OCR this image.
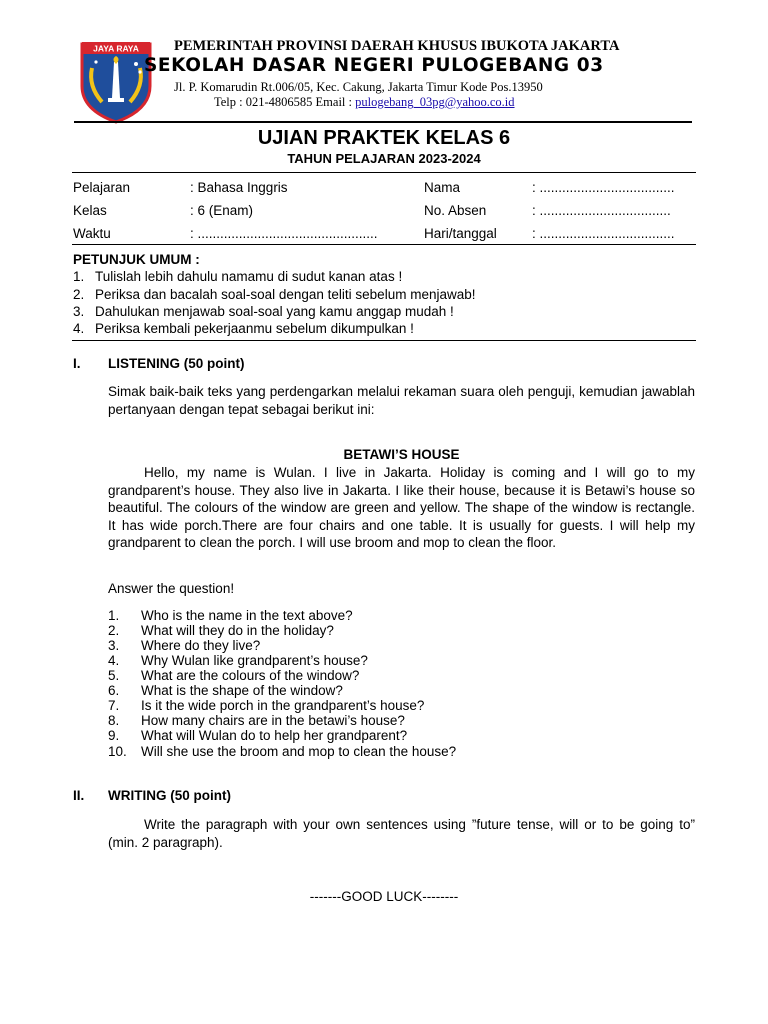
JAYA RAYA PEMERINTAH PROVINSI DAERAH KHUSUS IBUKOTA JAKARTA
SEKOLAH DASAR NEGERI PULOGEBANG 03
Jl. P. Komarudin Rt.006/05, Kec. Cakung, Jakarta Timur Kode Pos.13950
Telp : 021-4806585 Email : pulogebang_03pg@yahoo.co.id
UJIAN PRAKTEK KELAS 6
TAHUN PELAJARAN 2023-2024
Pelajaran	: Bahasa Inggris	Nama	: ....................................
Kelas	: 6 (Enam)	No. Absen	: ...................................
Waktu	: ................................................	Hari/tanggal	: ....................................
PETUNJUK UMUM :
1. Tulislah lebih dahulu namamu di sudut kanan atas !
2. Periksa dan bacalah soal-soal dengan teliti sebelum menjawab!
3. Dahulukan menjawab soal-soal yang kamu anggap mudah !
4. Periksa kembali pekerjaanmu sebelum dikumpulkan !
I. LISTENING (50 point)
Simak baik-baik teks yang perdengarkan melalui rekaman suara oleh penguji, kemudian jawablah pertanyaan dengan tepat sebagai berikut ini:
BETAWI’S HOUSE
Hello, my name is Wulan. I live in Jakarta. Holiday is coming and I will go to my grandparent’s house. They also live in Jakarta. I like their house, because it is Betawi’s house so beautiful. The colours of the window are green and yellow. The shape of the window is rectangle. It has wide porch.There are four chairs and one table. It is usually for guests. I will help my grandparent to clean the porch. I will use broom and mop to clean the floor.
Answer the question!
1. Who is the name in the text above?
2. What will they do in the holiday?
3. Where do they live?
4. Why Wulan like grandparent’s house?
5. What are the colours of the window?
6. What is the shape of the window?
7. Is it the wide porch in the grandparent’s house?
8. How many chairs are in the betawi’s house?
9. What will Wulan do to help her grandparent?
10. Will she use the broom and mop to clean the house?
II. WRITING (50 point)
Write the paragraph with your own sentences using ”future tense, will or to be going to” (min. 2 paragraph).
-------GOOD LUCK--------
